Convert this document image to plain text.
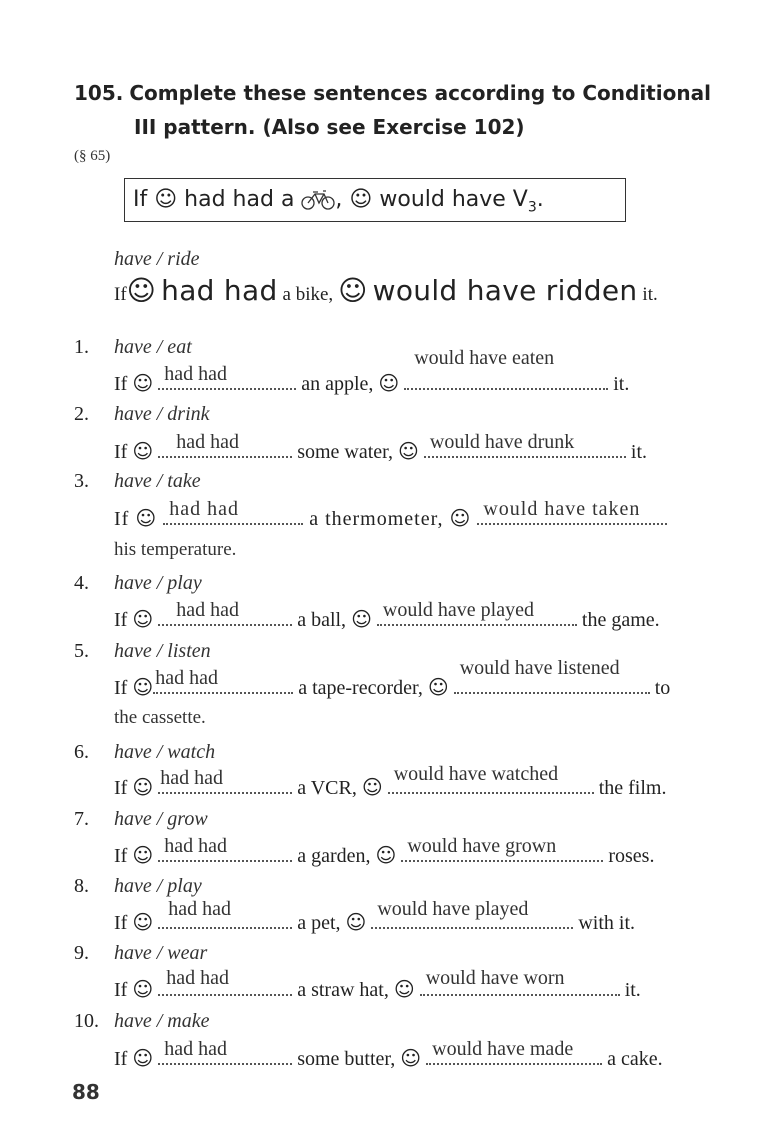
105. Complete these sentences according to Conditional
III pattern. (Also see Exercise 102)
(§ 65)
If ☺ had had a , ☺ would have $V_3$.
have / ride
If☺ had had a bike, ☺ would have ridden it.
1. have / eat
If ☺ had had	an apple, ☺
would have eaten
it.
2. have / drink
If ☺ had had	some water, ☺ would have drunk	it.
3. have / take
If ☺ had had	a thermometer, ☺ would have taken
his temperature.
4. have / play
If ☺ had had	a ball, ☺ would have played the game.
5. have / listen
If ☺ had had	a tape-recorder, ☺
would have listened
to
the cassette.
6. have / watch
If ☺ had had	a VCR, ☺
would have watched
the film.
7. have / grow
If ☺ had had	a garden, ☺ would have grown	roses.
8. have / play
If ☺
had had
a pet, ☺
would have played
with it.
9. have / wear
If ☺ had had
a straw hat, ☺ would have worn
it.
10. have / make
If ☺ had had	some butter, ☺ would have made a cake.
88
